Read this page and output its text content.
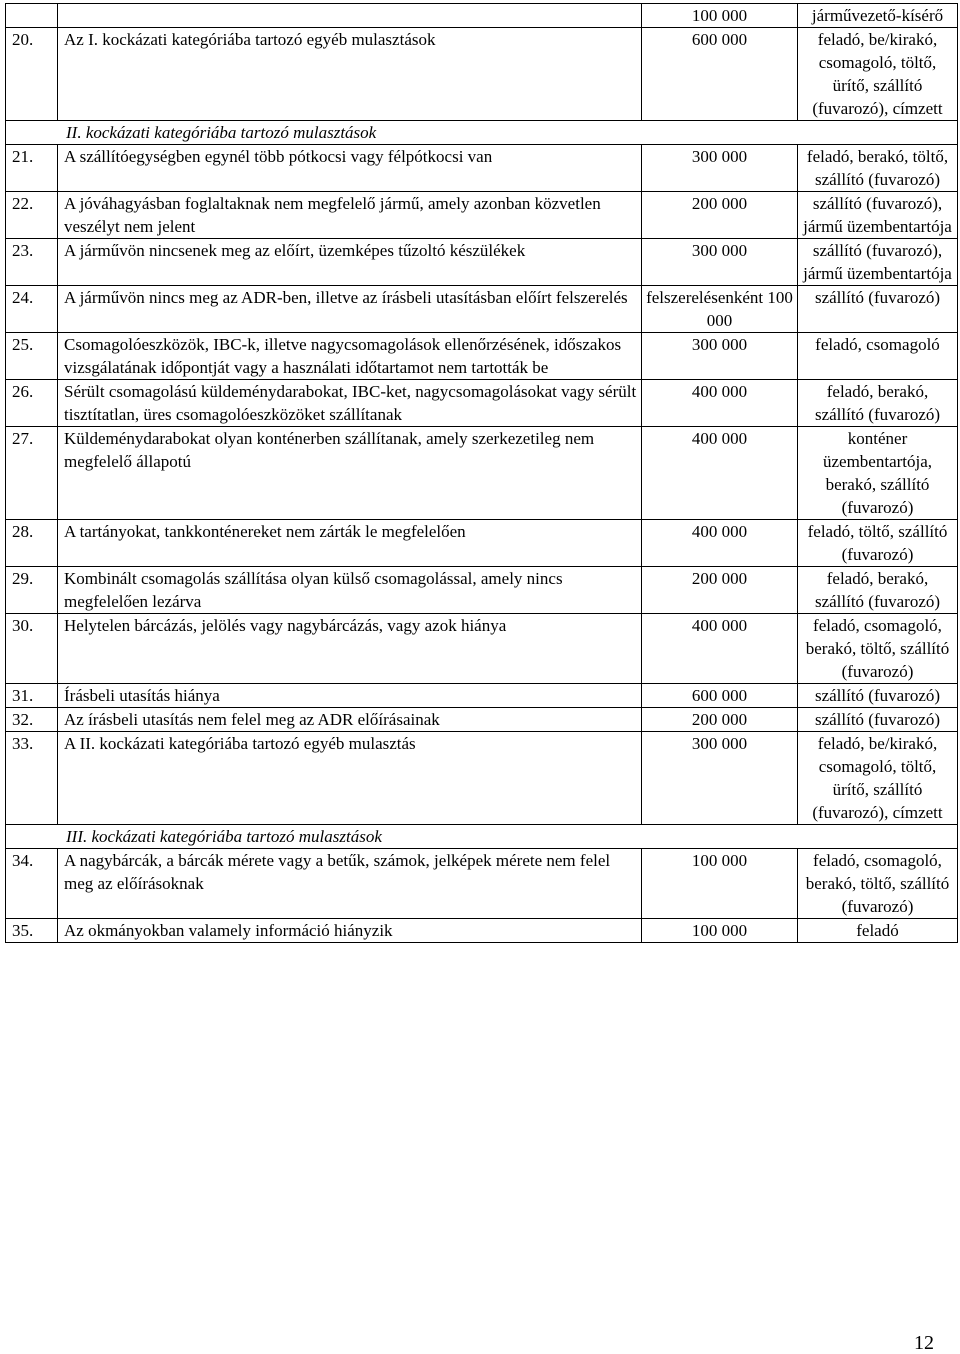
		100 000	járművezető-kísérő
20.	Az I. kockázati kategóriába tartozó egyéb mulasztások	600 000	feladó, be/kirakó, csomagoló, töltő, ürítő, szállító (fuvarozó), címzett
II. kockázati kategóriába tartozó mulasztások			
21.	A szállítóegységben egynél több pótkocsi vagy félpótkocsi van	300 000	feladó, berakó, töltő, szállító (fuvarozó)
22.	A jóváhagyásban foglaltaknak nem megfelelő jármű, amely azonban közvetlen veszélyt nem jelent	200 000	szállító (fuvarozó), jármű üzembentartója
23.	A járművön nincsenek meg az előírt, üzemképes tűzoltó készülékek	300 000	szállító (fuvarozó), jármű üzembentartója
24.	A járművön nincs meg az ADR-ben, illetve az írásbeli utasításban előírt felszerelés	felszerelésenként 100 000	szállító (fuvarozó)
25.	Csomagolóeszközök, IBC-k, illetve nagycsomagolások ellenőrzésének, időszakos vizsgálatának időpontját vagy a használati időtartamot nem tartották be	300 000	feladó, csomagoló
26.	Sérült csomagolású küldeménydarabokat, IBC-ket, nagycsomagolásokat vagy sérült tisztítatlan, üres csomagolóeszközöket szállítanak	400 000	feladó, berakó, szállító (fuvarozó)
27.	Küldeménydarabokat olyan konténerben szállítanak, amely szerkezetileg nem megfelelő állapotú	400 000	konténer üzembentartója, berakó, szállító (fuvarozó)
28.	A tartányokat, tankkonténereket nem zárták le megfelelően	400 000	feladó, töltő, szállító (fuvarozó)
29.	Kombinált csomagolás szállítása olyan külső csomagolással, amely nincs megfelelően lezárva	200 000	feladó, berakó, szállító (fuvarozó)
30.	Helytelen bárcázás, jelölés vagy nagybárcázás, vagy azok hiánya	400 000	feladó, csomagoló, berakó, töltő, szállító (fuvarozó)
31.	Írásbeli utasítás hiánya	600 000	szállító (fuvarozó)
32.	Az írásbeli utasítás nem felel meg az ADR előírásainak	200 000	szállító (fuvarozó)
33.	A II. kockázati kategóriába tartozó egyéb mulasztás	300 000	feladó, be/kirakó, csomagoló, töltő, ürítő, szállító (fuvarozó), címzett
III. kockázati kategóriába tartozó mulasztások			
34.	A nagybárcák, a bárcák mérete vagy a betűk, számok, jelképek mérete nem felel meg az előírásoknak	100 000	feladó, csomagoló, berakó, töltő, szállító (fuvarozó)
35.	Az okmányokban valamely információ hiányzik	100 000	feladó
12
